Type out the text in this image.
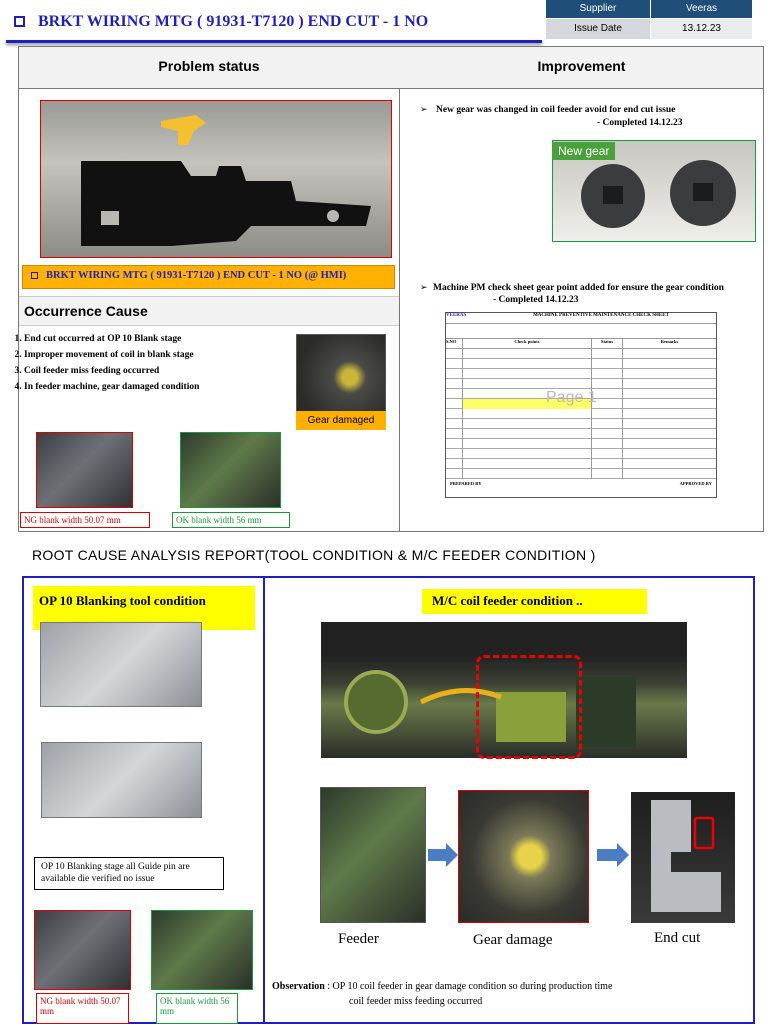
BRKT WIRING MTG ( 91931-T7120 ) END CUT - 1 NO
Supplier	Veeras
Issue Date	13.12.23
Problem status	Improvement
BRKT WIRING MTG ( 91931-T7120 ) END CUT - 1 NO (@ HMI)
Occurrence Cause
1. End cut occurred at OP 10 Blank stage
2. Improper movement of coil in blank stage
3. Coil feeder miss feeding occurred
4. In feeder machine, gear damaged condition
Gear damaged
NG blank width 50.07 mm	OK blank width 56 mm
➢ New gear was changed in coil feeder avoid for end cut issue
- Completed 14.12.23
New gear
➢ Machine PM check sheet gear point added for ensure the gear condition
- Completed 14.12.23
VEERAS	MACHINE PREVENTIVE MAINTENANCE CHECK SHEET
S.NO	Check points	Status	Remarks
Page 1
PREPARED BY	APPROVED BY
ROOT CAUSE ANALYSIS REPORT(TOOL CONDITION & M/C FEEDER CONDITION )
OP 10 Blanking tool condition
OP 10 Blanking stage all Guide pin are available die verified no issue
NG blank width 50.07 mm
OK blank width 56 mm
M/C coil feeder condition ..
Feeder	Gear damage	End cut
Observation : OP 10 coil feeder in gear damage condition so during production time
coil feeder miss feeding occurred
